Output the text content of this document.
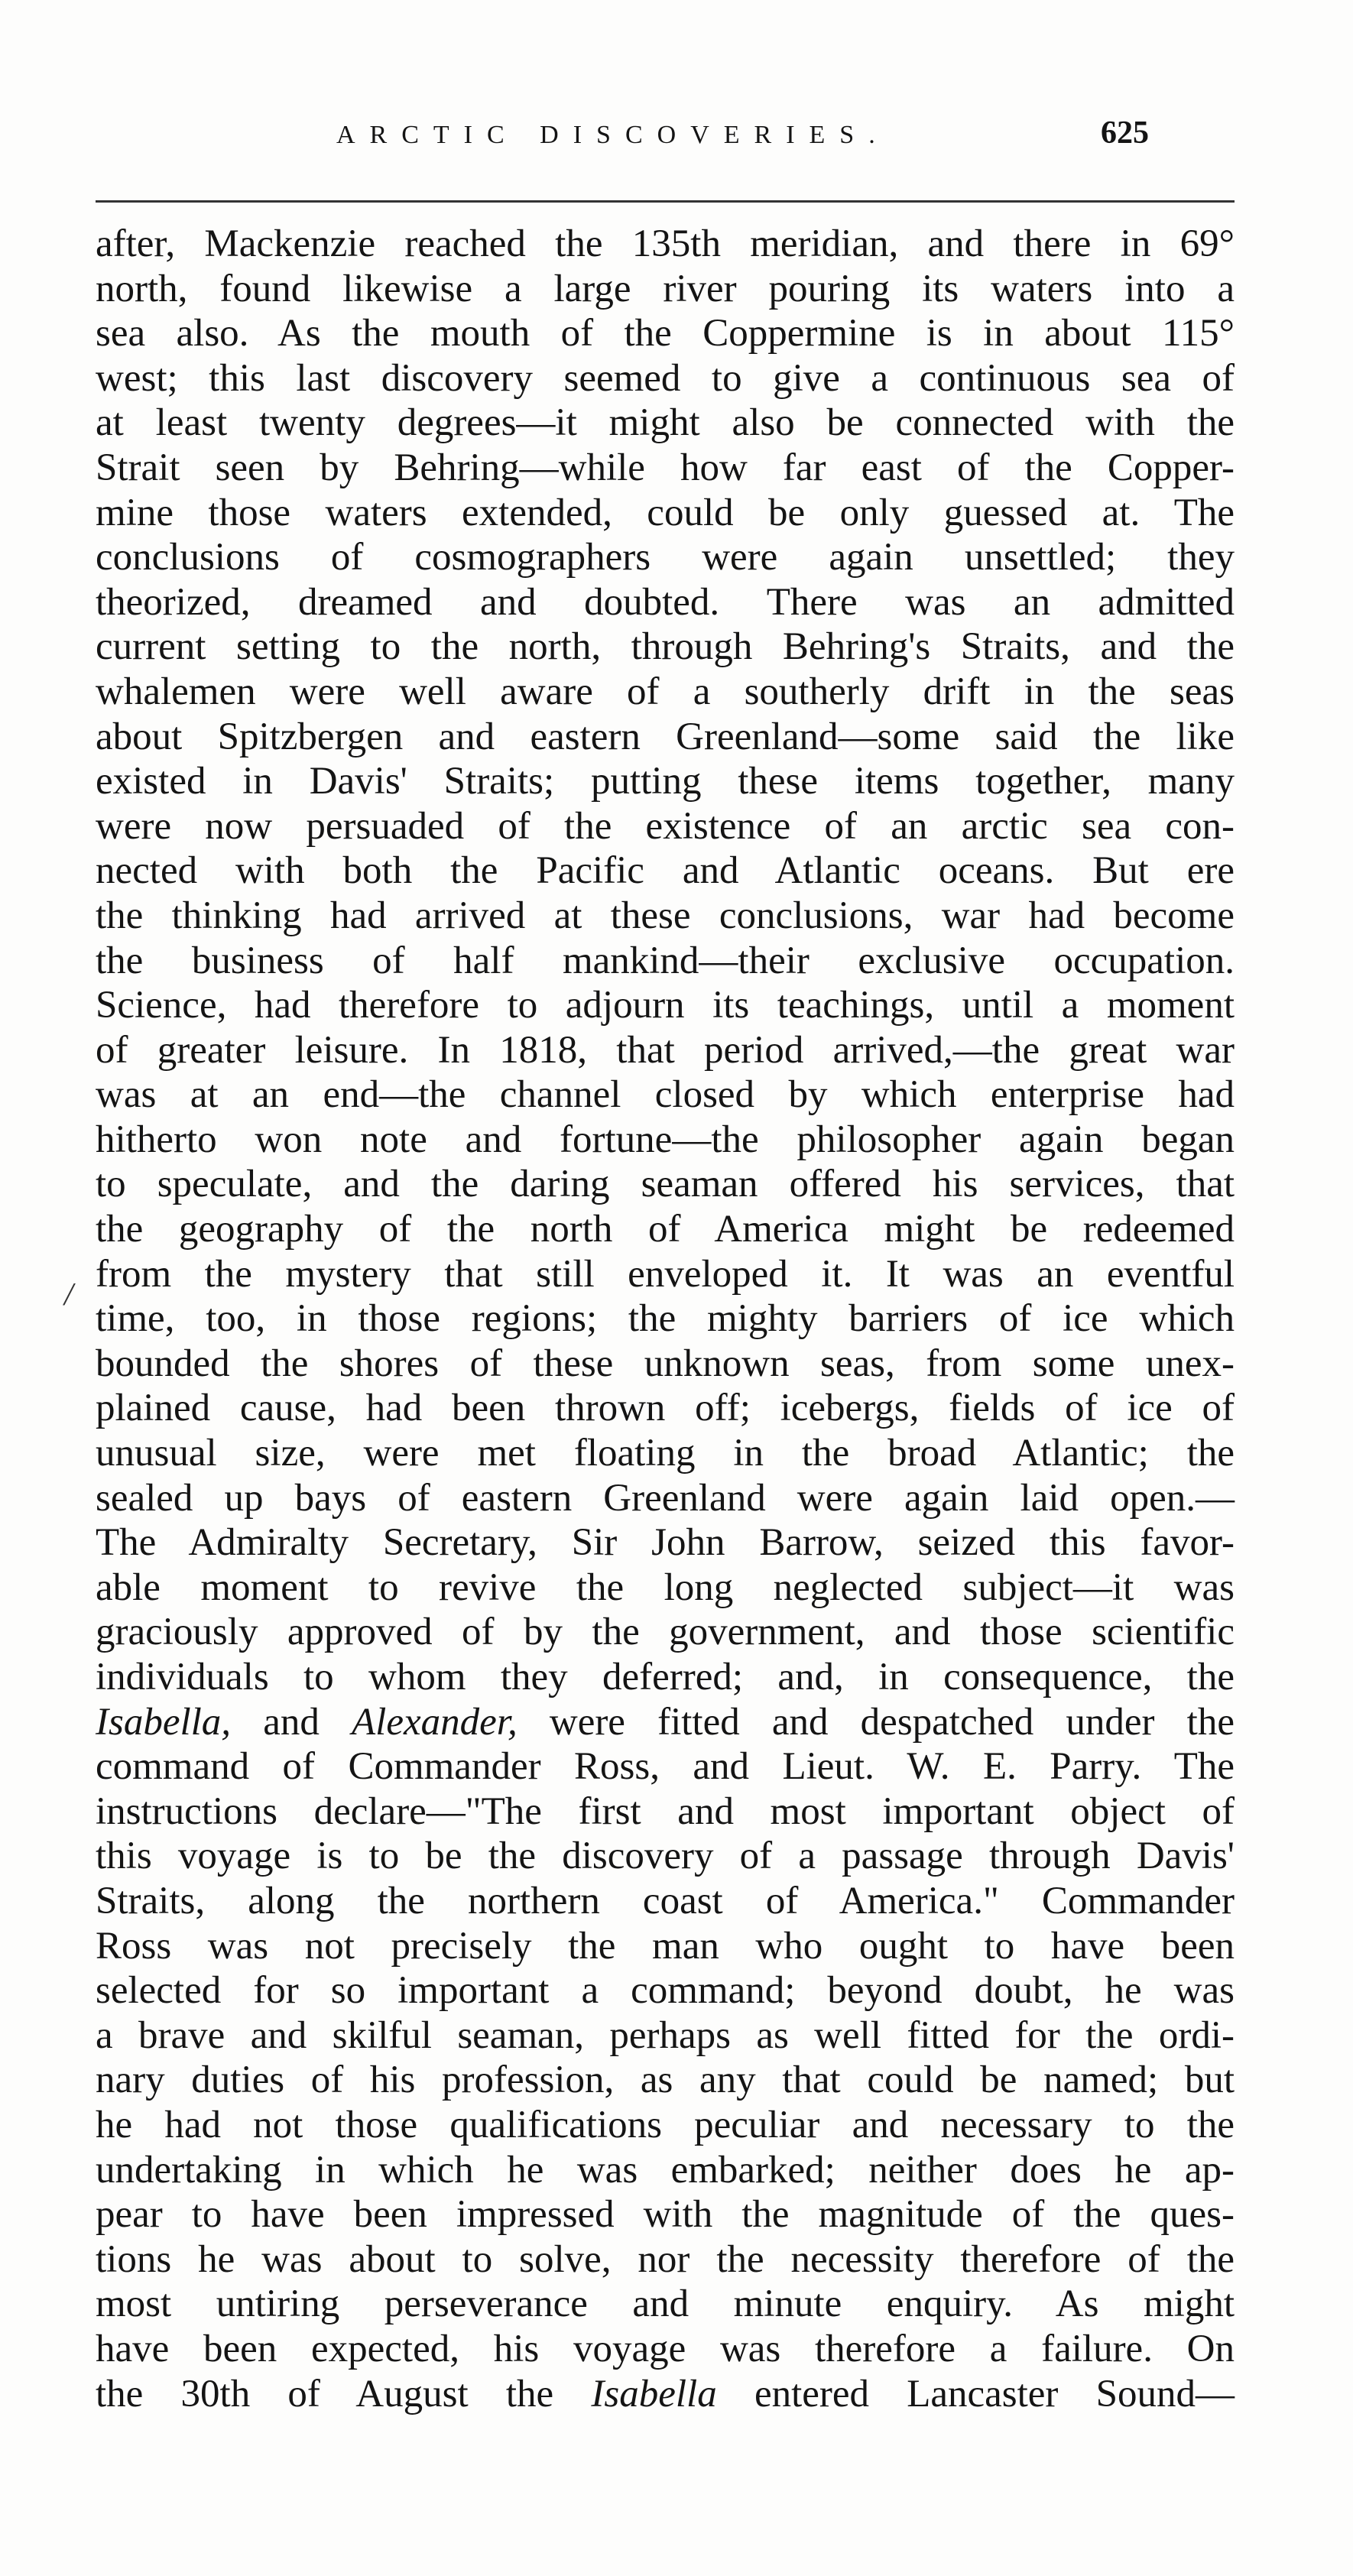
ARCTIC DISCOVERIES.	625
/
after, Mackenzie reached the 135th meridian, and there in 69°
north, found likewise a large river pouring its waters into a
sea also. As the mouth of the Coppermine is in about 115°
west; this last discovery seemed to give a continuous sea of
at least twenty degrees—it might also be connected with the
Strait seen by Behring—while how far east of the Copper-
mine those waters extended, could be only guessed at. The
conclusions of cosmographers were again unsettled; they
theorized, dreamed and doubted. There was an admitted
current setting to the north, through Behring's Straits, and the
whalemen were well aware of a southerly drift in the seas
about Spitzbergen and eastern Greenland—some said the like
existed in Davis' Straits; putting these items together, many
were now persuaded of the existence of an arctic sea con-
nected with both the Pacific and Atlantic oceans. But ere
the thinking had arrived at these conclusions, war had become
the business of half mankind—their exclusive occupation.
Science, had therefore to adjourn its teachings, until a moment
of greater leisure. In 1818, that period arrived,—the great war
was at an end—the channel closed by which enterprise had
hitherto won note and fortune—the philosopher again began
to speculate, and the daring seaman offered his services, that
the geography of the north of America might be redeemed
from the mystery that still enveloped it. It was an eventful
time, too, in those regions; the mighty barriers of ice which
bounded the shores of these unknown seas, from some unex-
plained cause, had been thrown off; icebergs, fields of ice of
unusual size, were met floating in the broad Atlantic; the
sealed up bays of eastern Greenland were again laid open.—
The Admiralty Secretary, Sir John Barrow, seized this favor-
able moment to revive the long neglected subject—it was
graciously approved of by the government, and those scientific
individuals to whom they deferred; and, in consequence, the
Isabella, and Alexander, were fitted and despatched under the
command of Commander Ross, and Lieut. W. E. Parry. The
instructions declare—"The first and most important object of
this voyage is to be the discovery of a passage through Davis'
Straits, along the northern coast of America." Commander
Ross was not precisely the man who ought to have been
selected for so important a command; beyond doubt, he was
a brave and skilful seaman, perhaps as well fitted for the ordi-
nary duties of his profession, as any that could be named; but
he had not those qualifications peculiar and necessary to the
undertaking in which he was embarked; neither does he ap-
pear to have been impressed with the magnitude of the ques-
tions he was about to solve, nor the necessity therefore of the
most untiring perseverance and minute enquiry. As might
have been expected, his voyage was therefore a failure. On
the 30th of August the Isabella entered Lancaster Sound—
